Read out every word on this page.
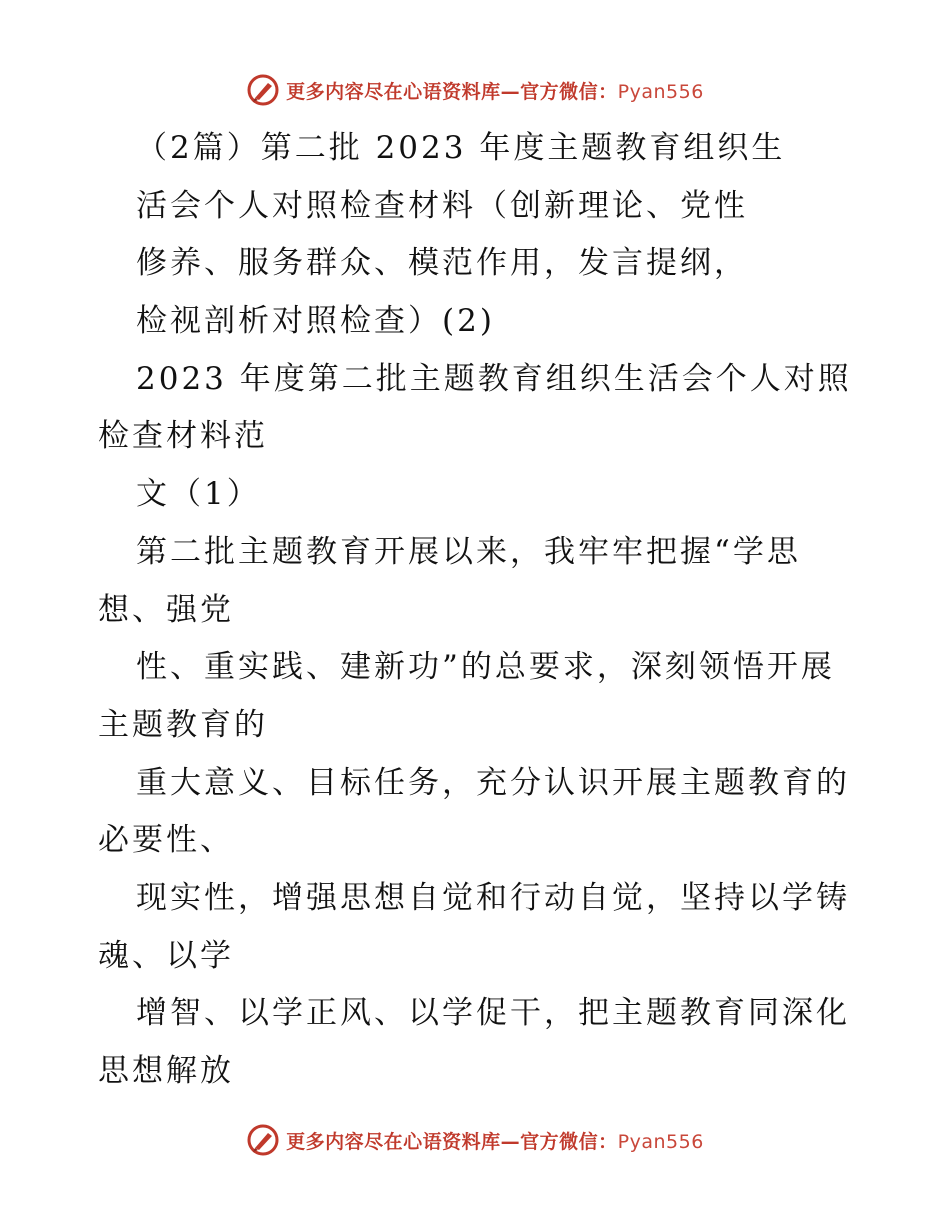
更多内容尽在心语资料库—官方微信：Pyan556
（2篇）第二批 2023 年度主题教育组织生
活会个人对照检查材料（创新理论、党性
修养、服务群众、模范作用，发言提纲，
检视剖析对照检查）(2)
2023 年度第二批主题教育组织生活会个人对照
检查材料范
文（1）
第二批主题教育开展以来，我牢牢把握“学思
想、强党
性、重实践、建新功”的总要求，深刻领悟开展
主题教育的
重大意义、目标任务，充分认识开展主题教育的
必要性、
现实性，增强思想自觉和行动自觉，坚持以学铸
魂、以学
增智、以学正风、以学促干，把主题教育同深化
思想解放
更多内容尽在心语资料库—官方微信：Pyan556
